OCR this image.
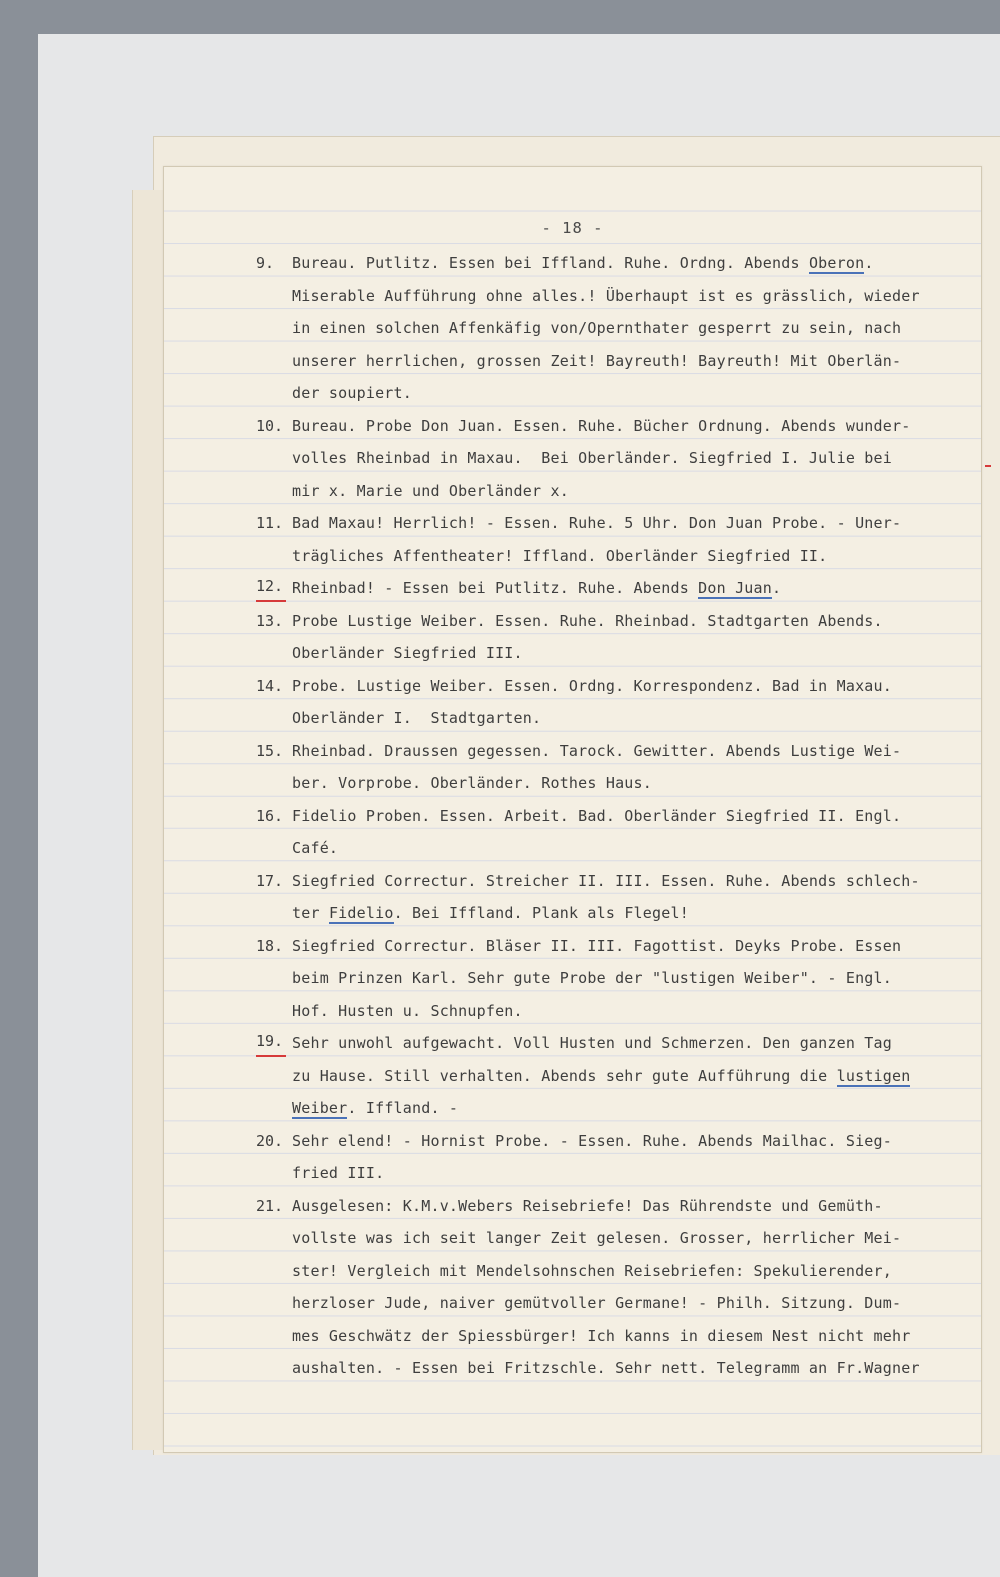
- 18 -
9.	Bureau. Putlitz. Essen bei Iffland. Ruhe. Ordng. Abends Oberon.
Miserable Aufführung ohne alles.! Überhaupt ist es grässlich, wieder
in einen solchen Affenkäfig von/Opernthater gesperrt zu sein, nach
unserer herrlichen, grossen Zeit! Bayreuth! Bayreuth! Mit Oberlän-
der soupiert.
10. Bureau. Probe Don Juan. Essen. Ruhe. Bücher Ordnung. Abends wunder-
volles Rheinbad in Maxau.  Bei Oberländer. Siegfried I. Julie bei
mir x. Marie und Oberländer x.
11. Bad Maxau! Herrlich! - Essen. Ruhe. 5 Uhr. Don Juan Probe. - Uner-
trägliches Affentheater! Iffland. Oberländer Siegfried II.
12. Rheinbad! - Essen bei Putlitz. Ruhe. Abends Don Juan.
13. Probe Lustige Weiber. Essen. Ruhe. Rheinbad. Stadtgarten Abends.
Oberländer Siegfried III.
14. Probe. Lustige Weiber. Essen. Ordng. Korrespondenz. Bad in Maxau.
Oberländer I.  Stadtgarten.
15. Rheinbad. Draussen gegessen. Tarock. Gewitter. Abends Lustige Wei-
ber. Vorprobe. Oberländer. Rothes Haus.
16. Fidelio Proben. Essen. Arbeit. Bad. Oberländer Siegfried II. Engl.
Café.
17. Siegfried Correctur. Streicher II. III. Essen. Ruhe. Abends schlech-
ter Fidelio. Bei Iffland. Plank als Flegel!
18. Siegfried Correctur. Bläser II. III. Fagottist. Deyks Probe. Essen
beim Prinzen Karl. Sehr gute Probe der "lustigen Weiber". - Engl.
Hof. Husten u. Schnupfen.
19. Sehr unwohl aufgewacht. Voll Husten und Schmerzen. Den ganzen Tag
zu Hause. Still verhalten. Abends sehr gute Aufführung die lustigen
Weiber. Iffland. -
20. Sehr elend! - Hornist Probe. - Essen. Ruhe. Abends Mailhac. Sieg-
fried III.
21. Ausgelesen: K.M.v.Webers Reisebriefe! Das Rührendste und Gemüth-
vollste was ich seit langer Zeit gelesen. Grosser, herrlicher Mei-
ster! Vergleich mit Mendelsohnschen Reisebriefen: Spekulierender,
herzloser Jude, naiver gemütvoller Germane! - Philh. Sitzung. Dum-
mes Geschwätz der Spiessbürger! Ich kanns in diesem Nest nicht mehr
aushalten. - Essen bei Fritzschle. Sehr nett. Telegramm an Fr.Wagner
